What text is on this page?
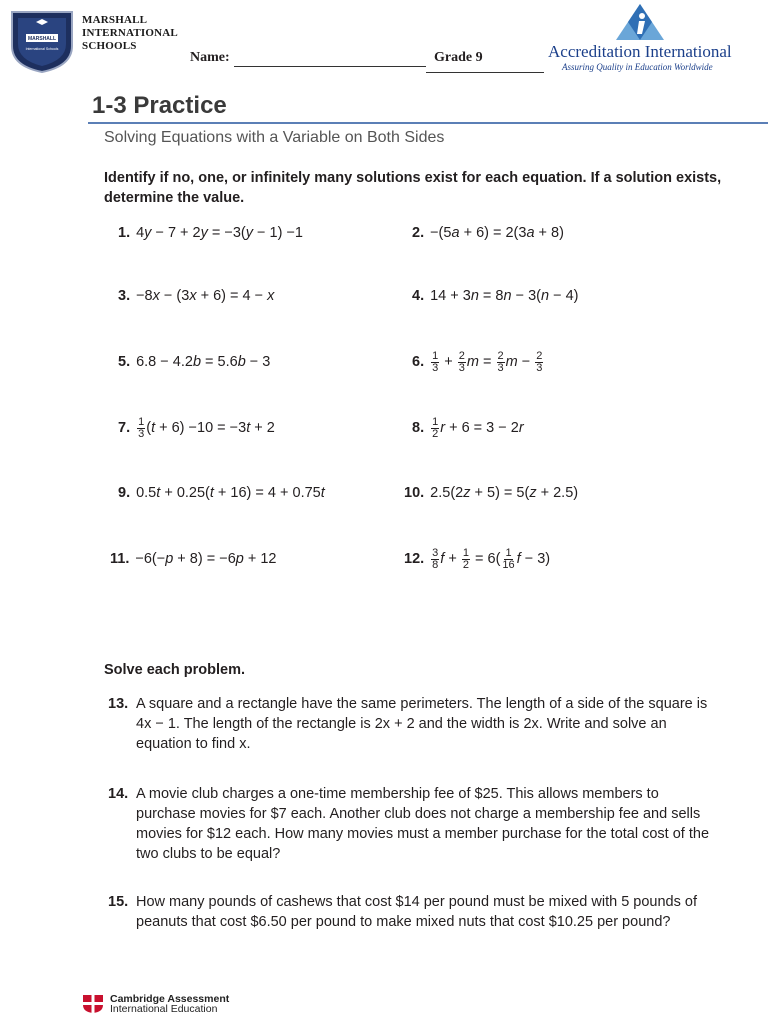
MARSHALL
International Schools
MARSHALL
INTERNATIONAL
SCHOOLS
Name:	Grade 9	Accreditation International
Assuring Quality in Education Worldwide
1-3 Practice
Solving Equations with a Variable on Both Sides
Identify if no, one, or infinitely many solutions exist for each equation. If a solution exists, determine the value.
1. 4y − 7 + 2y = −3(y − 1) −1	2. −(5a + 6) = 2(3a + 8)
3. −8x − (3x + 6) = 4 − x	4. 14 + 3n = 8n − 3(n − 4)
5. 6.8 − 4.2b = 5.6b − 3	6. $\frac{1}{3} + \frac{2}{3}$ $m = \frac{2}{3}$ $m - \frac{2}{3}$
7. $\frac{1}{3}$ ( t + 6) −10 = −3 t + 2	8. $\frac{1}{2}$ r + 6 = 3 − 2 r
9. 0.5t + 0.25(t + 16) = 4 + 0.75t	10. 2.5(2z + 5) = 5(z + 2.5)
11. −6(−p + 8) = −6p + 12	12. $\frac{3}{8}$ $f + \frac{1}{2} = 6( \frac{1}{16}$ f − 3)
Solve each problem.
13. A square and a rectangle have the same perimeters. The length of a side of the square is 4x − 1. The length of the rectangle is 2x + 2 and the width is 2x. Write and solve an equation to find x.
14. A movie club charges a one-time membership fee of $25. This allows members to purchase movies for $7 each. Another club does not charge a membership fee and sells movies for $12 each. How many movies must a member purchase for the total cost of the two clubs to be equal?
15. How many pounds of cashews that cost $14 per pound must be mixed with 5 pounds of peanuts that cost $6.50 per pound to make mixed nuts that cost $10.25 per pound?
Cambridge Assessment
International Education
